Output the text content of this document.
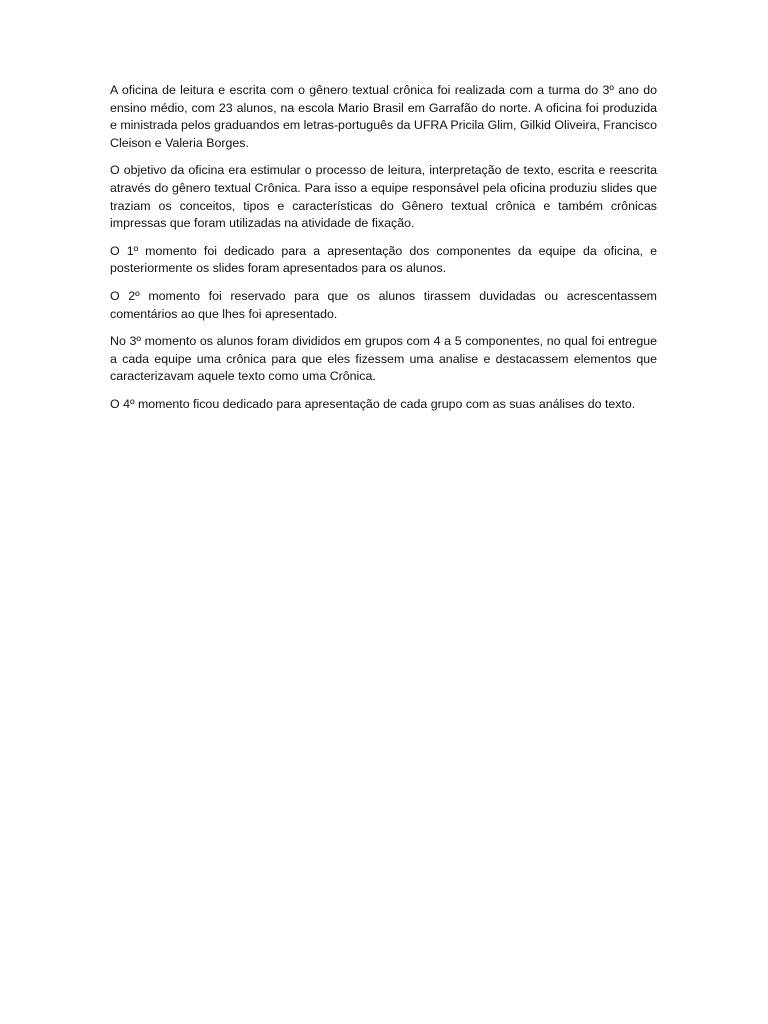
A oficina de leitura e escrita com o gênero textual crônica foi realizada com a turma do 3º ano do ensino médio, com 23 alunos, na escola Mario Brasil em Garrafão do norte. A oficina foi produzida e ministrada pelos graduandos em letras-português da UFRA Pricila Glim, Gilkid Oliveira, Francisco Cleison e Valeria Borges.

O objetivo da oficina era estimular o processo de leitura, interpretação de texto, escrita e reescrita através do gênero textual Crônica. Para isso a equipe responsável pela oficina produziu slides que traziam os conceitos, tipos e características do Gênero textual crônica e também crônicas impressas que foram utilizadas na atividade de fixação.

O 1º momento foi dedicado para a apresentação dos componentes da equipe da oficina, e posteriormente os slides foram apresentados para os alunos.

O 2º momento foi reservado para que os alunos tirassem duvidadas ou acrescentassem comentários ao que lhes foi apresentado.

No 3º momento os alunos foram divididos em grupos com 4 a 5 componentes, no qual foi entregue a cada equipe uma crônica para que eles fizessem uma analise e destacassem elementos que caracterizavam aquele texto como uma Crônica.

O 4º momento ficou dedicado para apresentação de cada grupo com as suas análises do texto.
